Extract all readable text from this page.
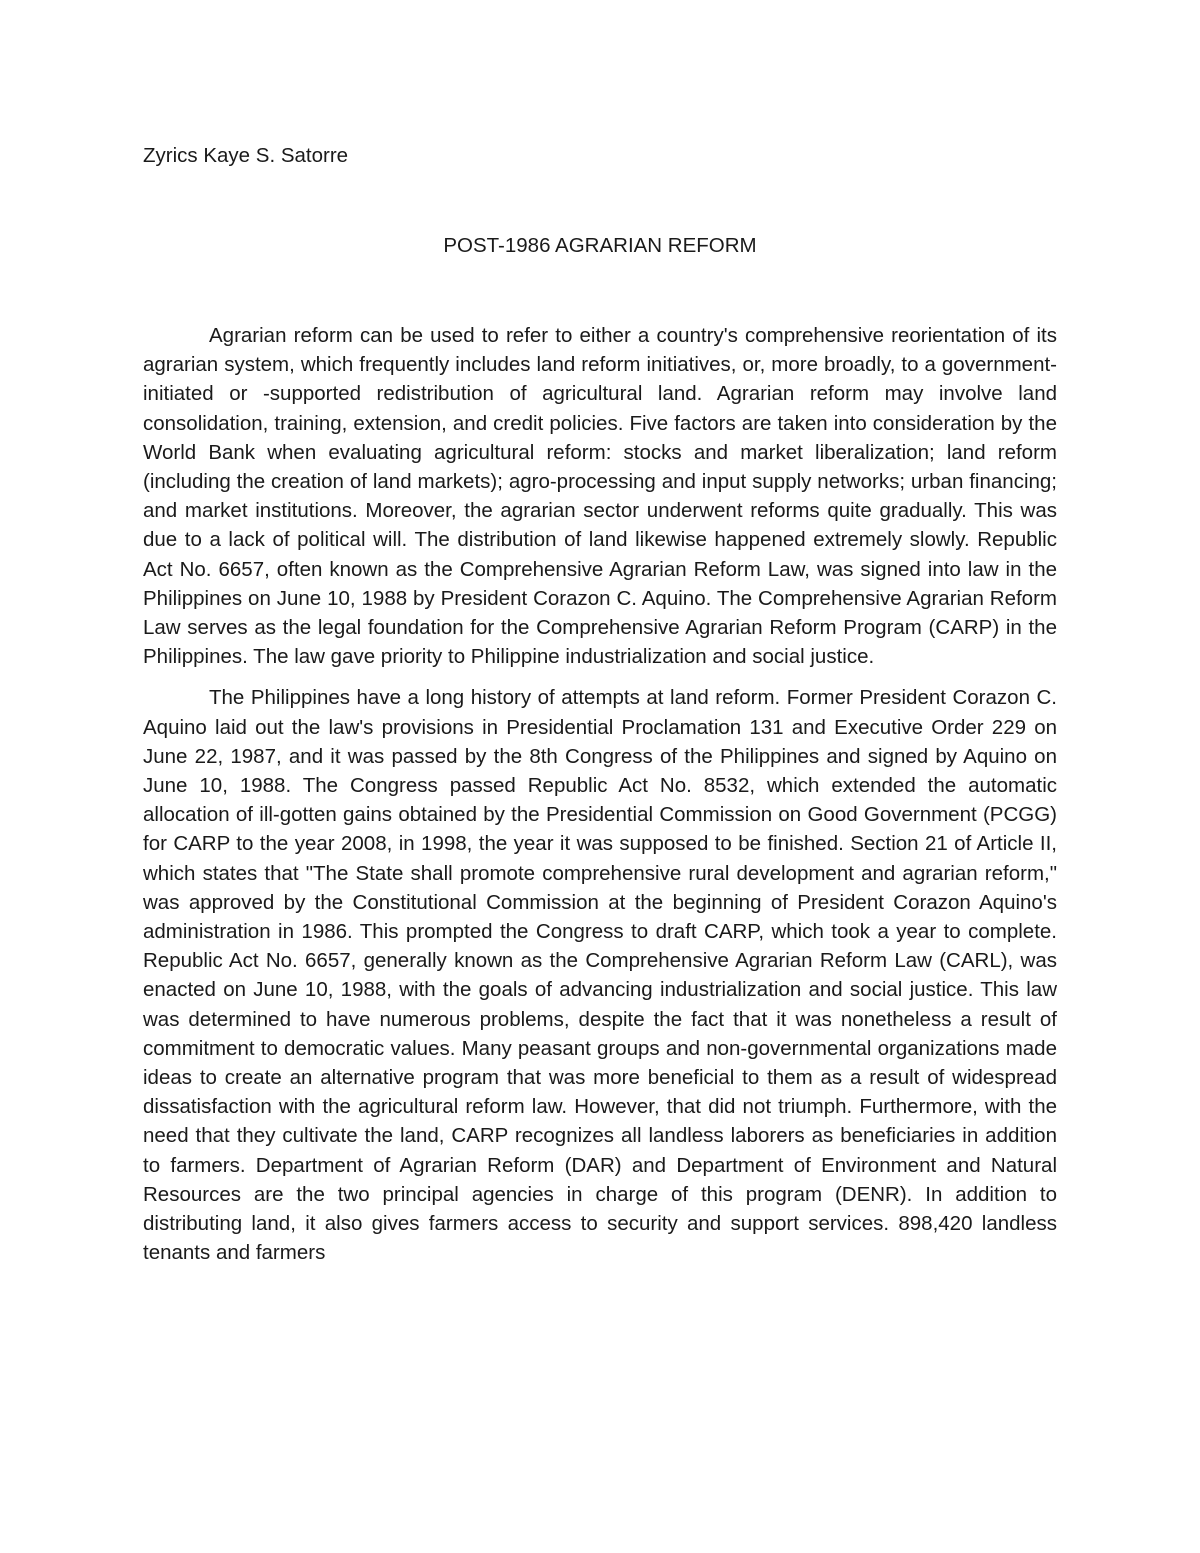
Zyrics Kaye S. Satorre

POST-1986 AGRARIAN REFORM

Agrarian reform can be used to refer to either a country's comprehensive reorientation of its agrarian system, which frequently includes land reform initiatives, or, more broadly, to a government-initiated or -supported redistribution of agricultural land. Agrarian reform may involve land consolidation, training, extension, and credit policies. Five factors are taken into consideration by the World Bank when evaluating agricultural reform: stocks and market liberalization; land reform (including the creation of land markets); agro-processing and input supply networks; urban financing; and market institutions. Moreover, the agrarian sector underwent reforms quite gradually. This was due to a lack of political will. The distribution of land likewise happened extremely slowly. Republic Act No. 6657, often known as the Comprehensive Agrarian Reform Law, was signed into law in the Philippines on June 10, 1988 by President Corazon C. Aquino. The Comprehensive Agrarian Reform Law serves as the legal foundation for the Comprehensive Agrarian Reform Program (CARP) in the Philippines. The law gave priority to Philippine industrialization and social justice.

The Philippines have a long history of attempts at land reform. Former President Corazon C. Aquino laid out the law's provisions in Presidential Proclamation 131 and Executive Order 229 on June 22, 1987, and it was passed by the 8th Congress of the Philippines and signed by Aquino on June 10, 1988. The Congress passed Republic Act No. 8532, which extended the automatic allocation of ill-gotten gains obtained by the Presidential Commission on Good Government (PCGG) for CARP to the year 2008, in 1998, the year it was supposed to be finished. Section 21 of Article II, which states that "The State shall promote comprehensive rural development and agrarian reform," was approved by the Constitutional Commission at the beginning of President Corazon Aquino's administration in 1986. This prompted the Congress to draft CARP, which took a year to complete. Republic Act No. 6657, generally known as the Comprehensive Agrarian Reform Law (CARL), was enacted on June 10, 1988, with the goals of advancing industrialization and social justice. This law was determined to have numerous problems, despite the fact that it was nonetheless a result of commitment to democratic values. Many peasant groups and non-governmental organizations made ideas to create an alternative program that was more beneficial to them as a result of widespread dissatisfaction with the agricultural reform law. However, that did not triumph. Furthermore, with the need that they cultivate the land, CARP recognizes all landless laborers as beneficiaries in addition to farmers. Department of Agrarian Reform (DAR) and Department of Environment and Natural Resources are the two principal agencies in charge of this program (DENR). In addition to distributing land, it also gives farmers access to security and support services. 898,420 landless tenants and farmers
